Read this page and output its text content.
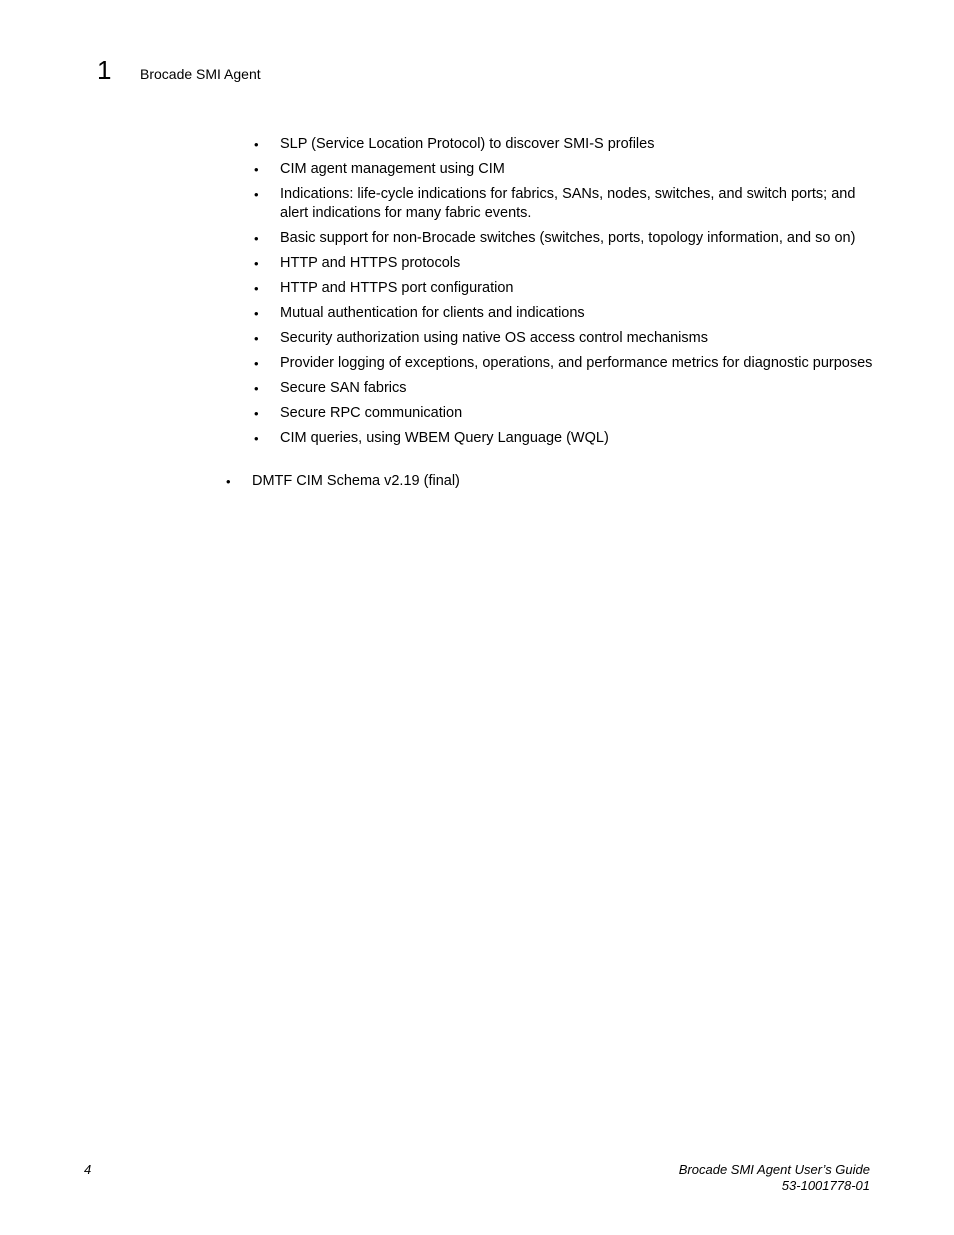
1 Brocade SMI Agent
•	SLP (Service Location Protocol) to discover SMI-S profiles
•	CIM agent management using CIM
•	Indications: life-cycle indications for fabrics, SANs, nodes, switches, and switch ports; and alert indications for many fabric events.
•	Basic support for non-Brocade switches (switches, ports, topology information, and so on)
•	HTTP and HTTPS protocols
•	HTTP and HTTPS port configuration
•	Mutual authentication for clients and indications
•	Security authorization using native OS access control mechanisms
•	Provider logging of exceptions, operations, and performance metrics for diagnostic purposes
•	Secure SAN fabrics
•	Secure RPC communication
•	CIM queries, using WBEM Query Language (WQL)
•	DMTF CIM Schema v2.19 (final)
4	Brocade SMI Agent User’s Guide
53-1001778-01
